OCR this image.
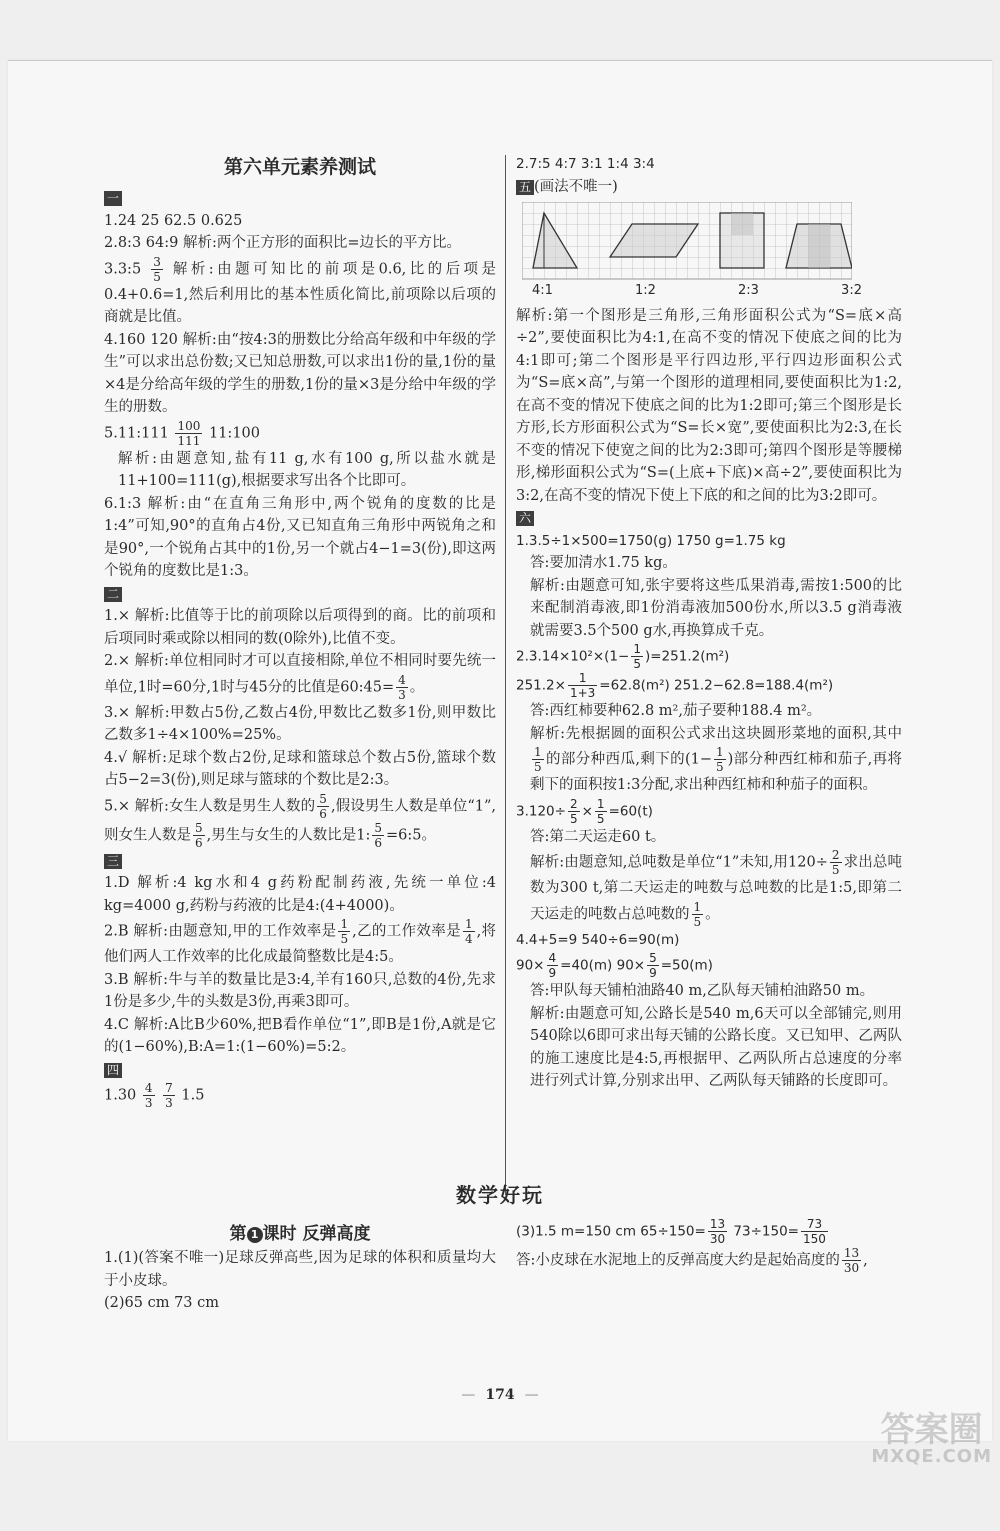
第六单元素养测试
一

1.24 25 62.5 0.625

2.8:3 64:9 解析:两个正方形的面积比=边长的平方比。

3.3:5 $\frac{3}{5}$ 解析:由题可知比的前项是0.6,比的后项是0.4+0.6=1,然后利用比的基本性质化简比,前项除以后项的商就是比值。

4.160 120 解析:由“按4:3的册数比分给高年级和中年级的学生”可以求出总份数;又已知总册数,可以求出1份的量,1份的量×4是分给高年级的学生的册数,1份的量×3是分给中年级的学生的册数。

5.11:111 $\frac{100}{111}$ 11:100

解析:由题意知,盐有11 g,水有100 g,所以盐水就是11+100=111(g),根据要求写出各个比即可。

6.1:3 解析:由“在直角三角形中,两个锐角的度数的比是1:4”可知,90°的直角占4份,又已知直角三角形中两锐角之和是90°,一个锐角占其中的1份,另一个就占4−1=3(份),即这两个锐角的度数比是1:3。

二

1.× 解析:比值等于比的前项除以后项得到的商。比的前项和后项同时乘或除以相同的数(0除外),比值不变。

2.× 解析:单位相同时才可以直接相除,单位不相同时要先统一单位,1时=60分,1时与45分的比值是60:45= $\frac{4}{3}$ 。

3.× 解析:甲数占5份,乙数占4份,甲数比乙数多1份,则甲数比乙数多1÷4×100%=25%。

4.√ 解析:足球个数占2份,足球和篮球总个数占5份,篮球个数占5−2=3(份),则足球与篮球的个数比是2:3。

5.× 解析:女生人数是男生人数的 $\frac{5}{6}$ ,假设男生人数是单位“1”,则女生人数是 $\frac{5}{6}$ ,男生与女生的人数比是1: $\frac{5}{6}$ =6:5。

三

1.D 解析:4 kg水和4 g药粉配制药液,先统一单位:4 kg=4000 g,药粉与药液的比是4:(4+4000)。

2.B 解析:由题意知,甲的工作效率是 $\frac{1}{5}$ ,乙的工作效率是 $\frac{1}{4}$ ,将他们两人工作效率的比化成最简整数比是4:5。

3.B 解析:牛与羊的数量比是3:4,羊有160只,总数的4份,先求1份是多少,牛的头数是3份,再乘3即可。

4.C 解析:A比B少60%,把B看作单位“1”,即B是1份,A就是它的(1−60%),B:A=1:(1−60%)=5:2。

四

$1.30 \frac{4}{3}$
$\frac{7}{3} 1.5$

2.7:5 4:7 3:1 1:4 3:4

五 (画法不唯一)

4:1	1:2	2:3	3:2

解析:第一个图形是三角形,三角形面积公式为“S=底×高÷2”,要使面积比为4:1,在高不变的情况下使底之间的比为4:1即可;第二个图形是平行四边形,平行四边形面积公式为“S=底×高”,与第一个图形的道理相同,要使面积比为1:2,在高不变的情况下使底之间的比为1:2即可;第三个图形是长方形,长方形面积公式为“S=长×宽”,要使面积比为2:3,在长不变的情况下使宽之间的比为2:3即可;第四个图形是等腰梯形,梯形面积公式为“S=(上底+下底)×高÷2”,要使面积比为3:2,在高不变的情况下使上下底的和之间的比为3:2即可。

六

1.3.5÷1×500=1750(g) 1750 g=1.75 kg

答:要加清水1.75 kg。

解析:由题意可知,张宇要将这些瓜果消毒,需按1:500的比来配制消毒液,即1份消毒液加500份水,所以3.5 g消毒液就需要3.5个500 g水,再换算成千克。

$2.3.14\times 10^2\times(1- \frac{1}{5} )=251.2(m^2)$

$251.2\times \frac{1}{1+3} =62.8(m^2)$ 251.2−62.8=188.4(m²)

答:西红柿要种62.8 m²,茄子要种188.4 m²。

解析:先根据圆的面积公式求出这块圆形菜地的面积,其中
$\frac{1}{5}$ 的部分种西瓜,剩下的($1- \frac{1}{5}$ )部分种西红柿和茄子,再将剩下的面积按1:3分配,求出种西红柿和种茄子的面积。

$3.120\div \frac{2}{5} \times \frac{1}{5} =60(t)$

答:第二天运走60 t。

解析:由题意知,总吨数是单位“1”未知,用$120\div \frac{2}{5}$ 求出总吨数为300 t,第二天运走的吨数与总吨数的比是1:5,即第二天运走的吨数占总吨数的 $\frac{1}{5}$ 。

4.4+5=9 540÷6=90(m)

$90\times \frac{4}{9} =40(m)$ $90\times \frac{5}{9} =50(m)$

答:甲队每天铺柏油路40 m,乙队每天铺柏油路50 m。

解析:由题意可知,公路长是540 m,6天可以全部铺完,则用540除以6即可求出每天铺的公路长度。又已知甲、乙两队的施工速度比是4:5,再根据甲、乙两队所占总速度的分率进行列式计算,分别求出甲、乙两队每天铺路的长度即可。

数学好玩
第 1 课时 反弹高度

1.(1)(答案不唯一)足球反弹高些,因为足球的体积和质量均大于小皮球。

(2)65 cm 73 cm

(3)1.5 m=150 cm $65\div 150= \frac{13}{30} 73\div 150= \frac{73}{150}$

答:小皮球在水泥地上的反弹高度大约是起始高度的 $\frac{13}{30}$ ,

— 174 —
答案圈
MXQE.COM
